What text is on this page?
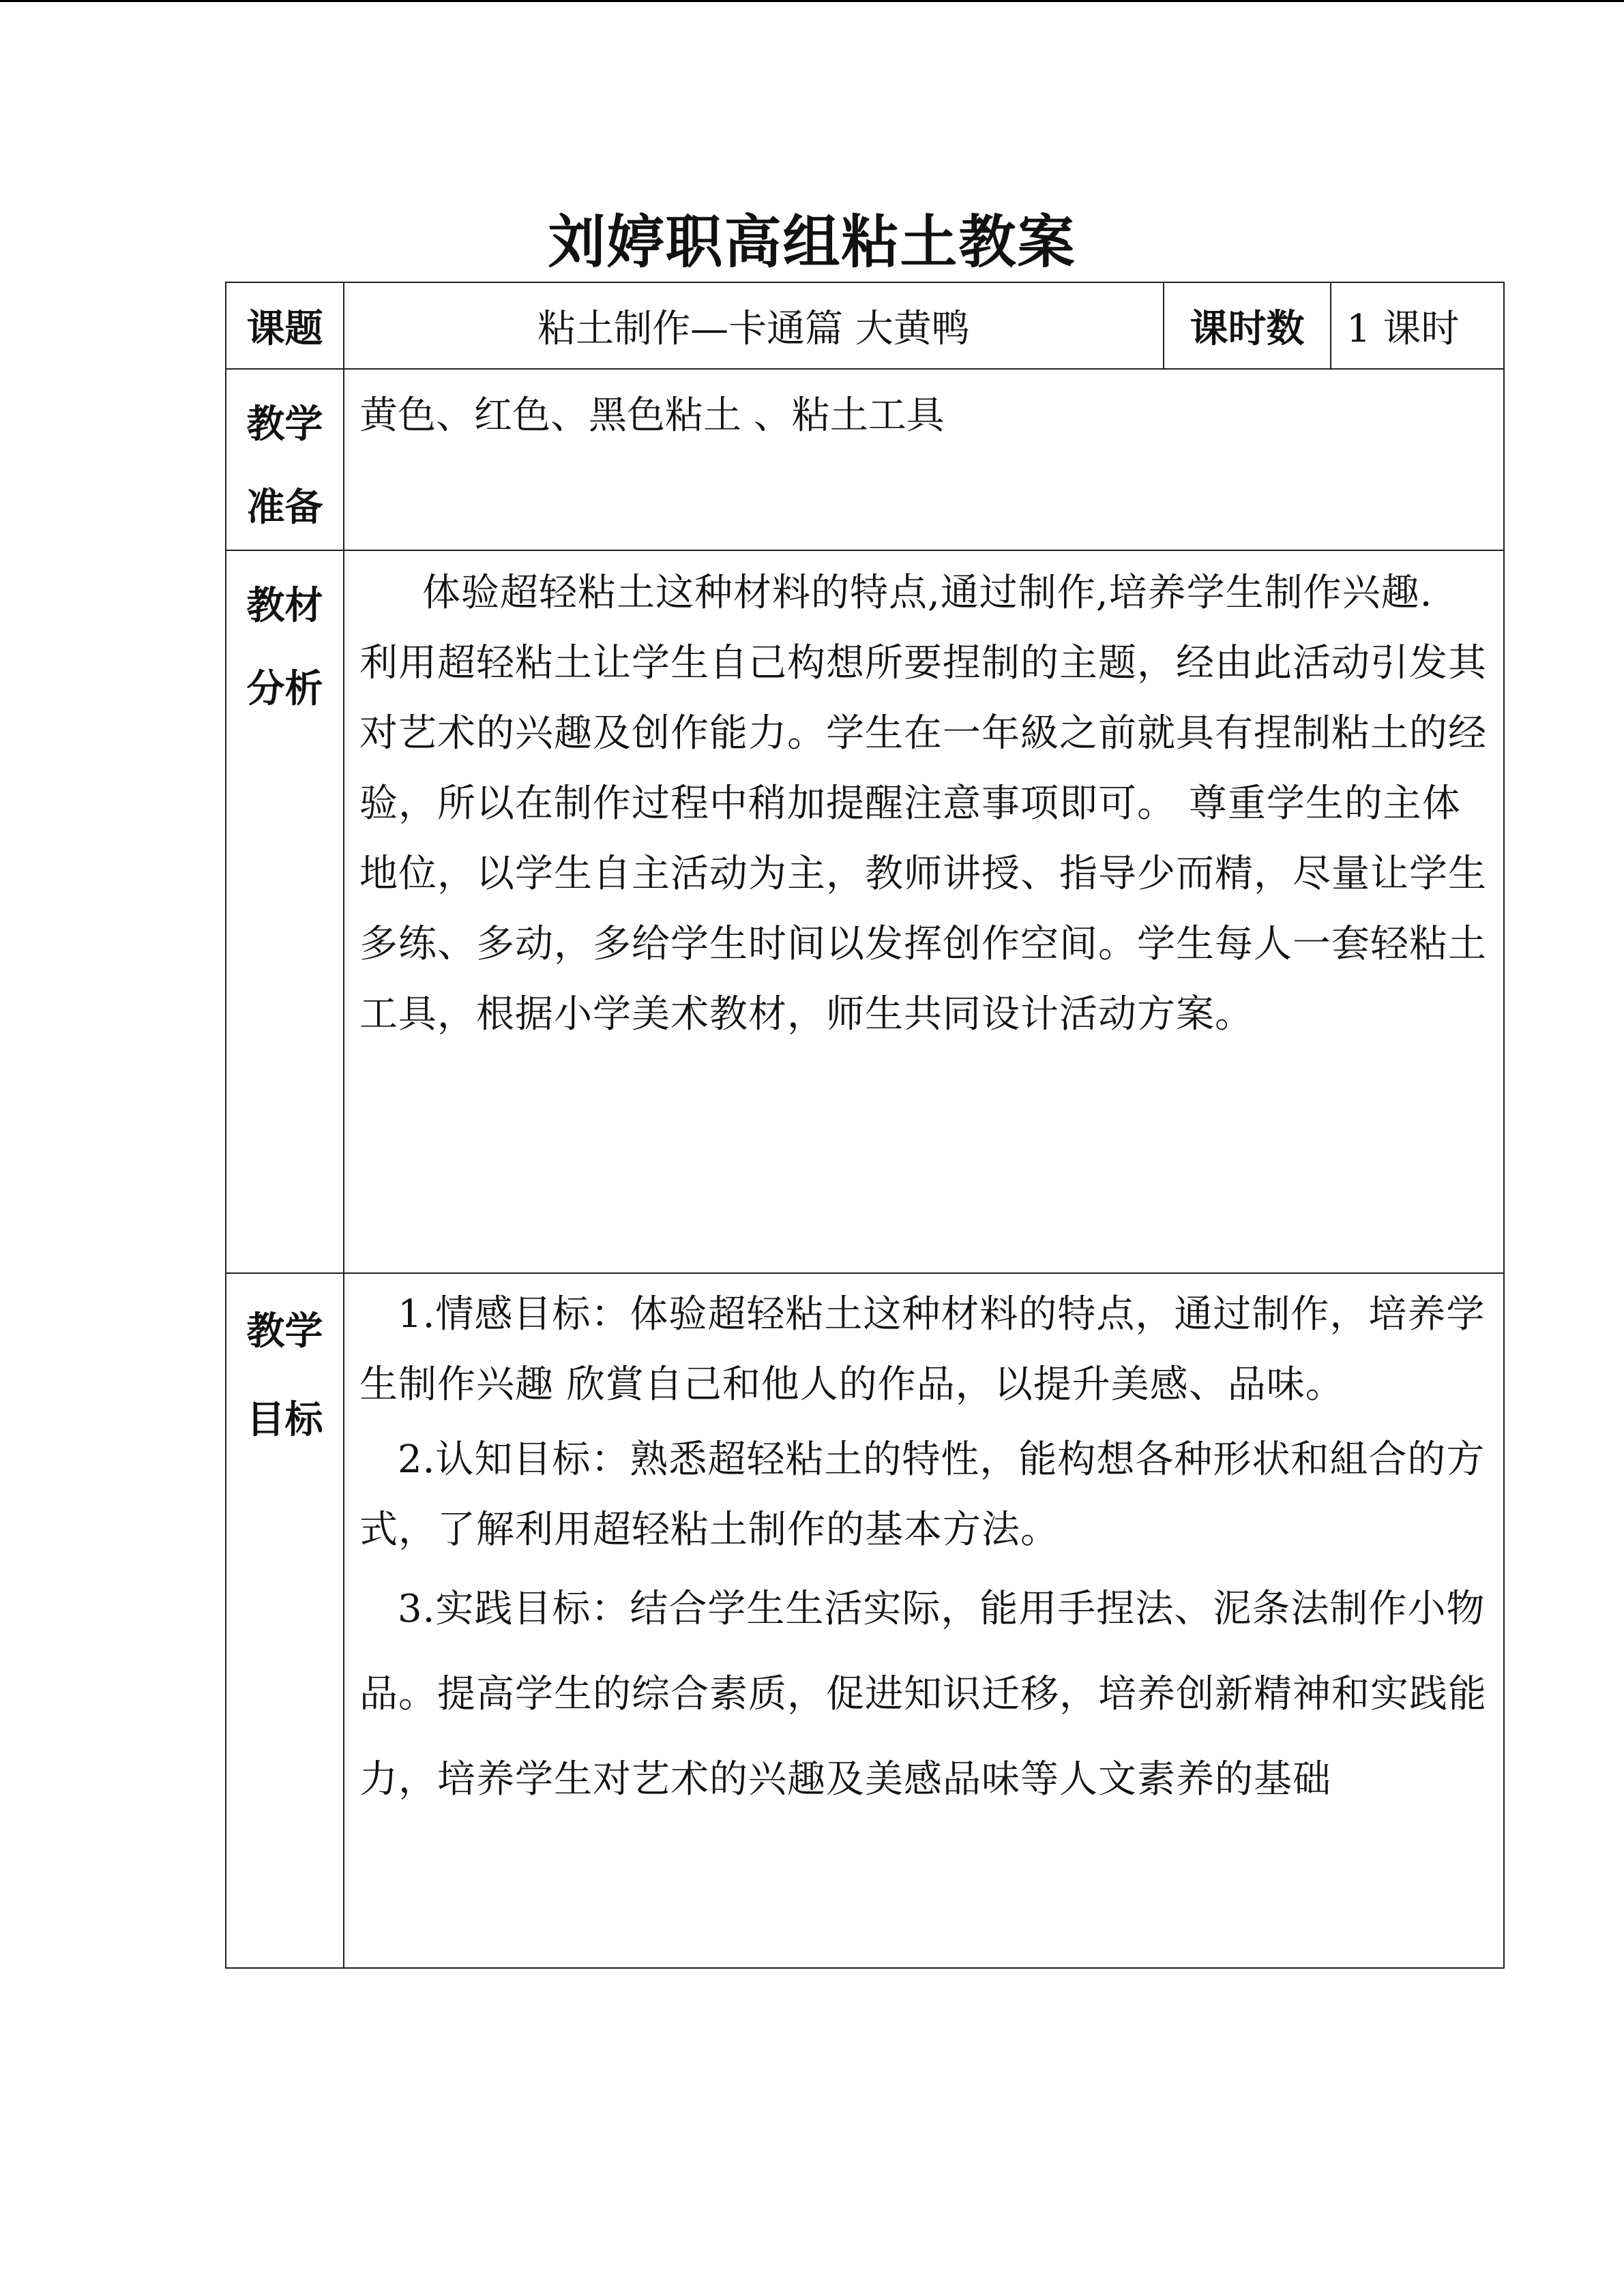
刘婷职高组粘土教案
课题	粘土制作—卡通篇 大黄鸭	课时数	1 课时

教学
准备	黄色、红色、黑色粘土 、粘土工具		

教材
分析	体验超轻粘土这种材料的特点,通过制作,培养学生制作兴趣.　　利用超轻粘土让学生自己构想所要捏制的主题，经由此活动引发其对艺术的兴趣及创作能力。学生在一年級之前就具有捏制粘土的经验，所以在制作过程中稍加提醒注意事项即可。 尊重学生的主体地位，以学生自主活动为主，教师讲授、指导少而精，尽量让学生多练、多动，多给学生时间以发挥创作空间。学生每人一套轻粘土工具，根据小学美术教材，师生共同设计活动方案。		

教学
目标	1.情感目标：体验超轻粘土这种材料的特点，通过制作，培养学生制作兴趣 欣賞自己和他人的作品，以提升美感、品味。
2.认知目标：熟悉超轻粘土的特性，能构想各种形状和組合的方式，了解利用超轻粘土制作的基本方法。
3.实践目标：结合学生生活实际，能用手捏法、泥条法制作小物品。提高学生的综合素质，促进知识迁移，培养创新精神和实践能力，培养学生对艺术的兴趣及美感品味等人文素养的基础		
